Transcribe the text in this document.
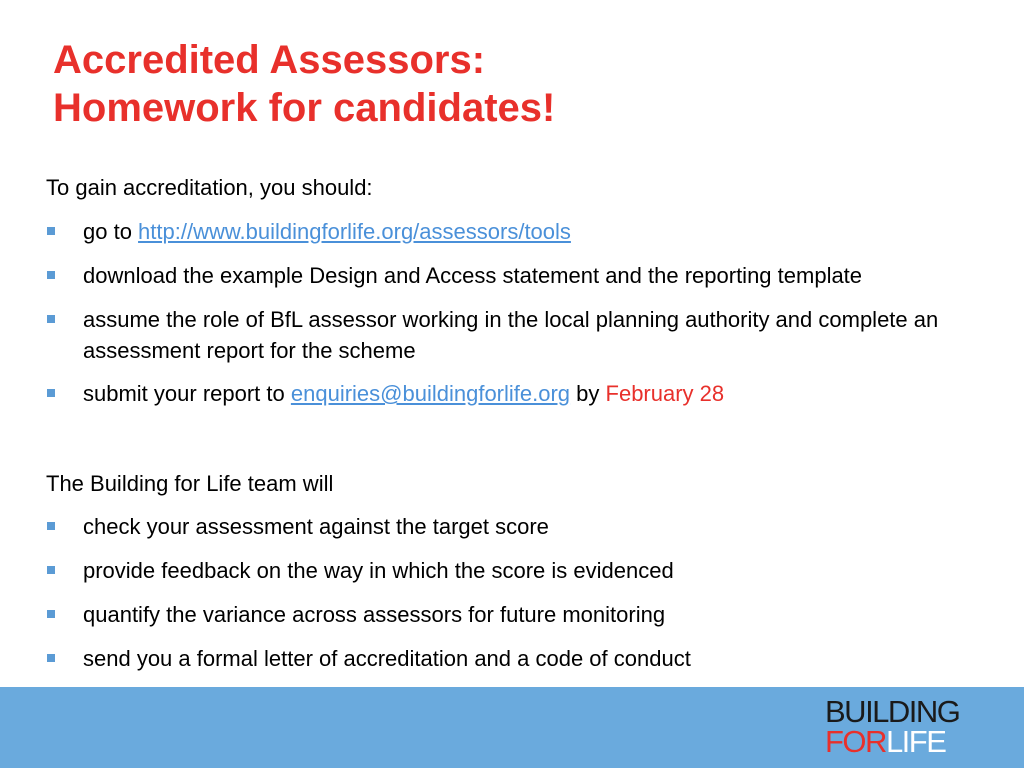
Accredited Assessors:
Homework for candidates!

To gain accreditation, you should:

go to http://www.buildingforlife.org/assessors/tools
download the example Design and Access statement and the reporting template
assume the role of BfL assessor working in the local planning authority and complete an assessment report for the scheme
submit your report to enquiries@buildingforlife.org by February 28

The Building for Life team will

check your assessment against the target score
provide feedback on the way in which the score is evidenced
quantify the variance across assessors for future monitoring
send you a formal letter of accreditation and a code of conduct
BUILDING
FORLIFE
